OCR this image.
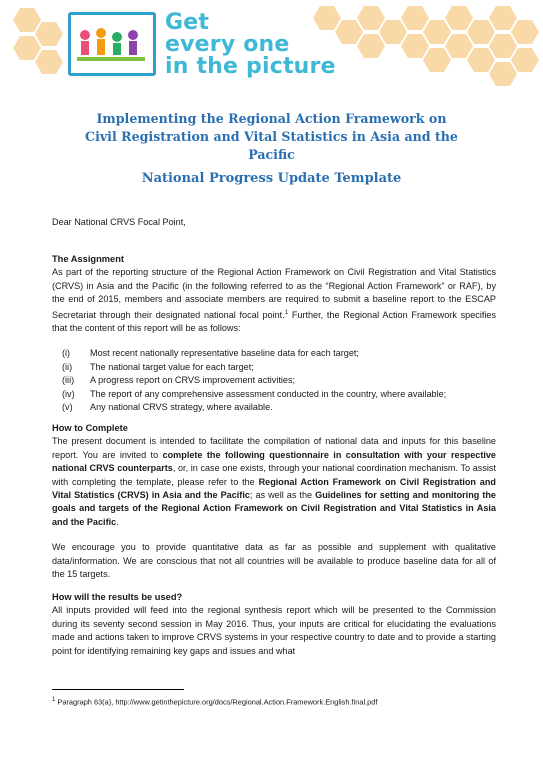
Get
every one
in the picture
Implementing the Regional Action Framework on Civil Registration and Vital Statistics in Asia and the Pacific
National Progress Update Template
Dear National CRVS Focal Point,
The Assignment

As part of the reporting structure of the Regional Action Framework on Civil Registration and Vital Statistics (CRVS) in Asia and the Pacific (in the following referred to as the “Regional Action Framework” or RAF), by the end of 2015, members and associate members are required to submit a baseline report to the ESCAP Secretariat through their designated national focal point.$^1$ Further, the Regional Action Framework specifies that the content of this report will be as follows:

(i)	Most recent nationally representative baseline data for each target;
(ii)	The national target value for each target;
(iii)	A progress report on CRVS improvement activities;
(iv)	The report of any comprehensive assessment conducted in the country, where available;
(v)	Any national CRVS strategy, where available.
How to Complete

The present document is intended to facilitate the compilation of national data and inputs for this baseline report. You are invited to complete the following questionnaire in consultation with your respective national CRVS counterparts, or, in case one exists, through your national coordination mechanism. To assist with completing the template, please refer to the Regional Action Framework on Civil Registration and Vital Statistics (CRVS) in Asia and the Pacific; as well as the Guidelines for setting and monitoring the goals and targets of the Regional Action Framework on Civil Registration and Vital Statistics in Asia and the Pacific.

We encourage you to provide quantitative data as far as possible and supplement with qualitative data/information. We are conscious that not all countries will be available to produce baseline data for all of the 15 targets.

How will the results be used?

All inputs provided will feed into the regional synthesis report which will be presented to the Commission during its seventy second session in May 2016. Thus, your inputs are critical for elucidating the evaluations made and actions taken to improve CRVS systems in your respective country to date and to provide a starting point for identifying remaining key gaps and issues and what

$^1$ Paragraph 63(a), http://www.getinthepicture.org/docs/Regional.Action.Framework.English.final.pdf
